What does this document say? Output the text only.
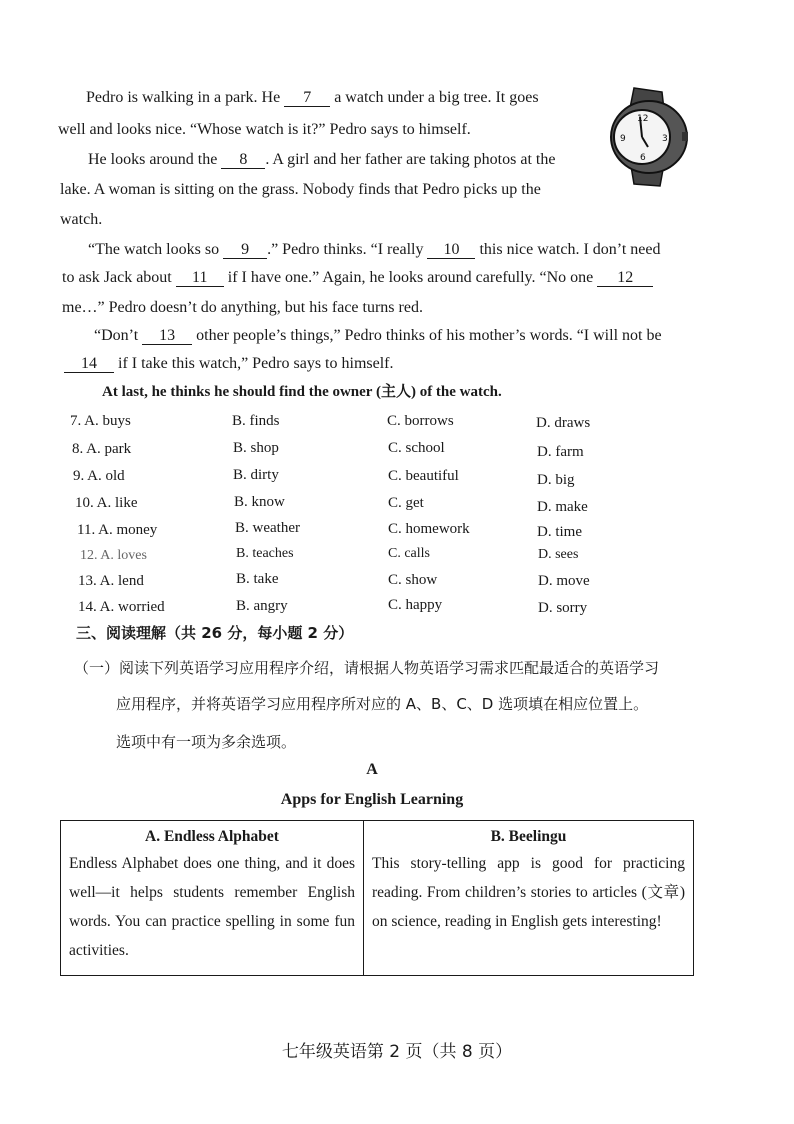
12
3
9
6
Pedro is walking in a park. He 7 a watch under a big tree. It goes
well and looks nice. “Whose watch is it?” Pedro says to himself.
He looks around the 8 . A girl and her father are taking photos at the
lake. A woman is sitting on the grass. Nobody finds that Pedro picks up the
watch.
“The watch looks so 9 .” Pedro thinks. “I really 10 this nice watch. I don’t need
to ask Jack about 11 if I have one.” Again, he looks around carefully. “No one 12
me…” Pedro doesn’t do anything, but his face turns red.
“Don’t 13 other people’s things,” Pedro thinks of his mother’s words. “I will not be
14 if I take this watch,” Pedro says to himself.
At last, he thinks he should find the owner (主人) of the watch.
7. A. buys	B. finds	C. borrows	D. draws
8. A. park	B. shop	C. school	D. farm
9. A. old	B. dirty	C. beautiful	D. big
10. A. like	B. know	C. get	D. make
11. A. money	B. weather	C. homework	D. time
12. A. loves	B. teaches	C. calls	D. sees
13. A. lend	B. take	C. show	D. move
14. A. worried	B. angry	C. happy	D. sorry
三、阅读理解（共 26 分，每小题 2 分）
（一）阅读下列英语学习应用程序介绍，请根据人物英语学习需求匹配最适合的英语学习
应用程序，并将英语学习应用程序所对应的 A、B、C、D 选项填在相应位置上。
选项中有一项为多余选项。
A
Apps for English Learning
A. Endless Alphabet
Endless Alphabet does one thing, and it does well—it helps students remember English words. You can practice spelling in some fun activities.
B. Beelingu
This story-telling app is good for practicing reading. From children’s stories to articles (文章) on science, reading in English gets interesting!
七年级英语第 2 页（共 8 页）
